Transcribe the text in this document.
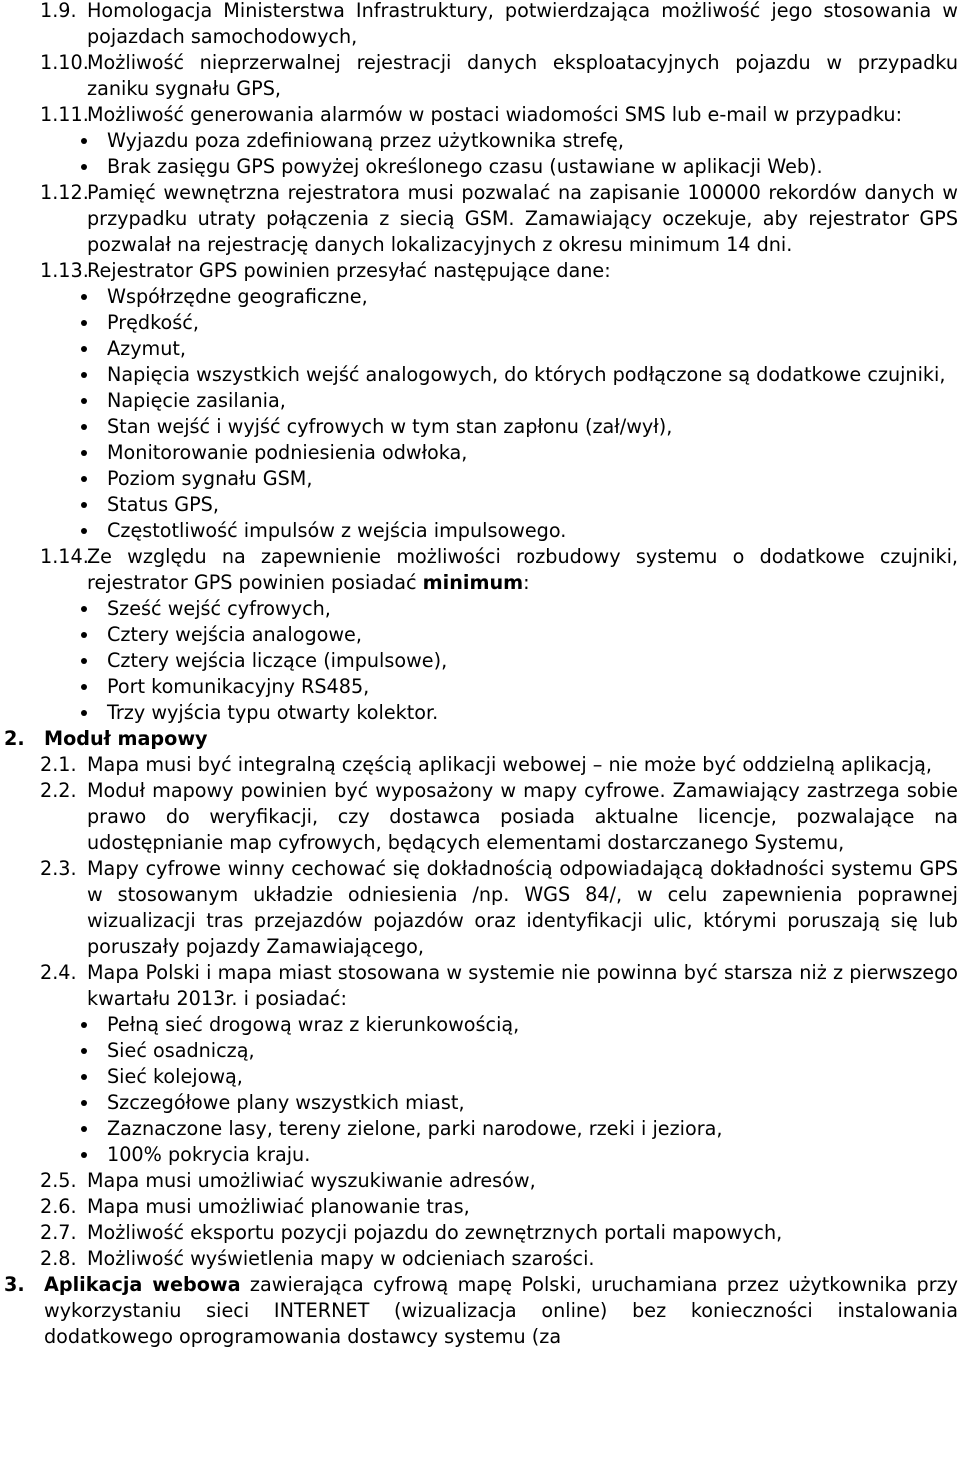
1.9. Homologacja Ministerstwa Infrastruktury, potwierdzająca możliwość jego stosowania w pojazdach samochodowych,
1.10.
Możliwość nieprzerwalnej rejestracji danych eksploatacyjnych pojazdu w przypadku zaniku sygnału GPS,
1.11.
Możliwość generowania alarmów w postaci wiadomości SMS lub e-mail w przypadku:
Wyjazdu poza zdefiniowaną przez użytkownika strefę,
Brak zasięgu GPS powyżej określonego czasu (ustawiane w aplikacji Web).
1.12.
Pamięć wewnętrzna rejestratora musi pozwalać na zapisanie 100000 rekordów danych w przypadku utraty połączenia z siecią GSM. Zamawiający oczekuje, aby rejestrator GPS pozwalał na rejestrację danych lokalizacyjnych z okresu minimum 14 dni.
1.13.
Rejestrator GPS powinien przesyłać następujące dane:
Współrzędne geograficzne,
Prędkość,
Azymut,
Napięcia wszystkich wejść analogowych, do których podłączone są dodatkowe czujniki,
Napięcie zasilania,
Stan wejść i wyjść cyfrowych w tym stan zapłonu (zał/wył),
Monitorowanie podniesienia odwłoka,
Poziom sygnału GSM,
Status GPS,
Częstotliwość impulsów z wejścia impulsowego.
1.14.
Ze względu na zapewnienie możliwości rozbudowy systemu o dodatkowe czujniki, rejestrator GPS powinien posiadać minimum:
Sześć wejść cyfrowych,
Cztery wejścia analogowe,
Cztery wejścia liczące (impulsowe),
Port komunikacyjny RS485,
Trzy wyjścia typu otwarty kolektor.
2.	Moduł mapowy
2.1. Mapa musi być integralną częścią aplikacji webowej – nie może być oddzielną aplikacją,
2.2. Moduł mapowy powinien być wyposażony w mapy cyfrowe. Zamawiający zastrzega sobie prawo do weryfikacji, czy dostawca posiada aktualne licencje, pozwalające na udostępnianie map cyfrowych, będących elementami dostarczanego Systemu,
2.3. Mapy cyfrowe winny cechować się dokładnością odpowiadającą dokładności systemu GPS w stosowanym układzie odniesienia /np. WGS 84/, w celu zapewnienia poprawnej wizualizacji tras przejazdów pojazdów oraz identyfikacji ulic, którymi poruszają się lub poruszały pojazdy Zamawiającego,
2.4. Mapa Polski i mapa miast stosowana w systemie nie powinna być starsza niż z pierwszego kwartału 2013r. i posiadać:
Pełną sieć drogową wraz z kierunkowością,
Sieć osadniczą,
Sieć kolejową,
Szczegółowe plany wszystkich miast,
Zaznaczone lasy, tereny zielone, parki narodowe, rzeki i jeziora,
100% pokrycia kraju.
2.5. Mapa musi umożliwiać wyszukiwanie adresów,
2.6. Mapa musi umożliwiać planowanie tras,
2.7. Możliwość eksportu pozycji pojazdu do zewnętrznych portali mapowych,
2.8. Możliwość wyświetlenia mapy w odcieniach szarości.
3.	Aplikacja webowa zawierająca cyfrową mapę Polski, uruchamiana przez użytkownika przy wykorzystaniu sieci INTERNET (wizualizacja online) bez konieczności instalowania dodatkowego oprogramowania dostawcy systemu (za
